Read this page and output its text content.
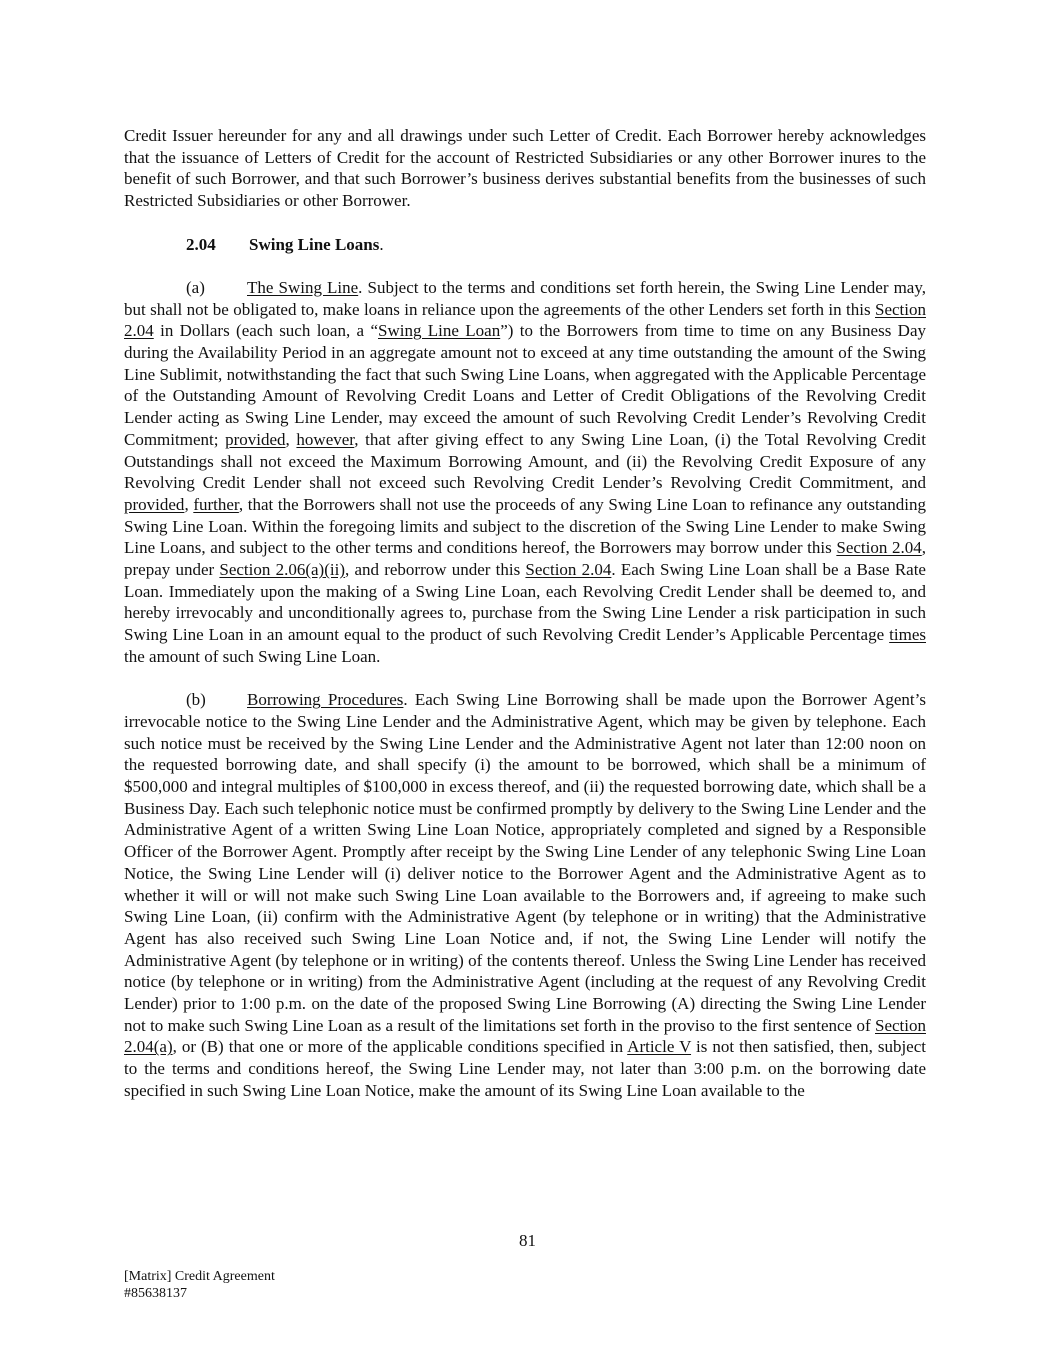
Credit Issuer hereunder for any and all drawings under such Letter of Credit. Each Borrower hereby acknowledges that the issuance of Letters of Credit for the account of Restricted Subsidiaries or any other Borrower inures to the benefit of such Borrower, and that such Borrower’s business derives substantial benefits from the businesses of such Restricted Subsidiaries or other Borrower.

2.04 Swing Line Loans.

(a) The Swing Line. Subject to the terms and conditions set forth herein, the Swing Line Lender may, but shall not be obligated to, make loans in reliance upon the agreements of the other Lenders set forth in this Section 2.04 in Dollars (each such loan, a “Swing Line Loan”) to the Borrowers from time to time on any Business Day during the Availability Period in an aggregate amount not to exceed at any time outstanding the amount of the Swing Line Sublimit, notwithstanding the fact that such Swing Line Loans, when aggregated with the Applicable Percentage of the Outstanding Amount of Revolving Credit Loans and Letter of Credit Obligations of the Revolving Credit Lender acting as Swing Line Lender, may exceed the amount of such Revolving Credit Lender’s Revolving Credit Commitment; provided, however, that after giving effect to any Swing Line Loan, (i) the Total Revolving Credit Outstandings shall not exceed the Maximum Borrowing Amount, and (ii) the Revolving Credit Exposure of any Revolving Credit Lender shall not exceed such Revolving Credit Lender’s Revolving Credit Commitment, and provided, further, that the Borrowers shall not use the proceeds of any Swing Line Loan to refinance any outstanding Swing Line Loan. Within the foregoing limits and subject to the discretion of the Swing Line Lender to make Swing Line Loans, and subject to the other terms and conditions hereof, the Borrowers may borrow under this Section 2.04, prepay under Section 2.06(a)(ii), and reborrow under this Section 2.04. Each Swing Line Loan shall be a Base Rate Loan. Immediately upon the making of a Swing Line Loan, each Revolving Credit Lender shall be deemed to, and hereby irrevocably and unconditionally agrees to, purchase from the Swing Line Lender a risk participation in such Swing Line Loan in an amount equal to the product of such Revolving Credit Lender’s Applicable Percentage times the amount of such Swing Line Loan.

(b) Borrowing Procedures. Each Swing Line Borrowing shall be made upon the Borrower Agent’s irrevocable notice to the Swing Line Lender and the Administrative Agent, which may be given by telephone. Each such notice must be received by the Swing Line Lender and the Administrative Agent not later than 12:00 noon on the requested borrowing date, and shall specify (i) the amount to be borrowed, which shall be a minimum of $500,000 and integral multiples of $100,000 in excess thereof, and (ii) the requested borrowing date, which shall be a Business Day. Each such telephonic notice must be confirmed promptly by delivery to the Swing Line Lender and the Administrative Agent of a written Swing Line Loan Notice, appropriately completed and signed by a Responsible Officer of the Borrower Agent. Promptly after receipt by the Swing Line Lender of any telephonic Swing Line Loan Notice, the Swing Line Lender will (i) deliver notice to the Borrower Agent and the Administrative Agent as to whether it will or will not make such Swing Line Loan available to the Borrowers and, if agreeing to make such Swing Line Loan, (ii) confirm with the Administrative Agent (by telephone or in writing) that the Administrative Agent has also received such Swing Line Loan Notice and, if not, the Swing Line Lender will notify the Administrative Agent (by telephone or in writing) of the contents thereof. Unless the Swing Line Lender has received notice (by telephone or in writing) from the Administrative Agent (including at the request of any Revolving Credit Lender) prior to 1:00 p.m. on the date of the proposed Swing Line Borrowing (A) directing the Swing Line Lender not to make such Swing Line Loan as a result of the limitations set forth in the proviso to the first sentence of Section 2.04(a), or (B) that one or more of the applicable conditions specified in Article V is not then satisfied, then, subject to the terms and conditions hereof, the Swing Line Lender may, not later than 3:00 p.m. on the borrowing date specified in such Swing Line Loan Notice, make the amount of its Swing Line Loan available to the

81
[Matrix] Credit Agreement
#85638137
